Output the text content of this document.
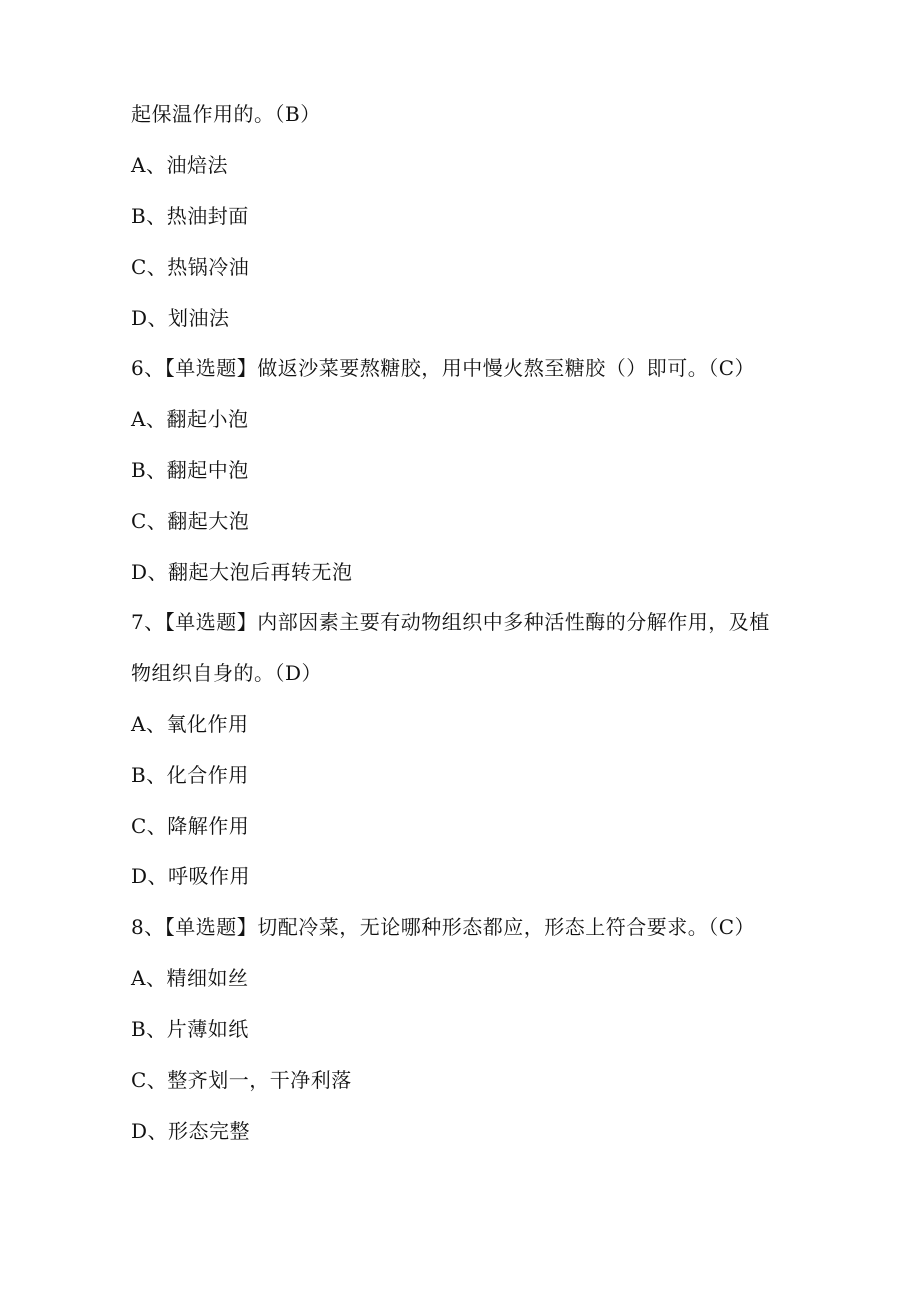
起保温作用的。（B）
A、油焙法
B、热油封面
C、热锅冷油
D、划油法
6、【单选题】做返沙菜要熬糖胶，用中慢火熬至糖胶（）即可。（C）
A、翻起小泡
B、翻起中泡
C、翻起大泡
D、翻起大泡后再转无泡
7、【单选题】内部因素主要有动物组织中多种活性酶的分解作用，及植
物组织自身的。（D）
A、氧化作用
B、化合作用
C、降解作用
D、呼吸作用
8、【单选题】切配冷菜，无论哪种形态都应，形态上符合要求。（C）
A、精细如丝
B、片薄如纸
C、整齐划一，干净利落
D、形态完整
